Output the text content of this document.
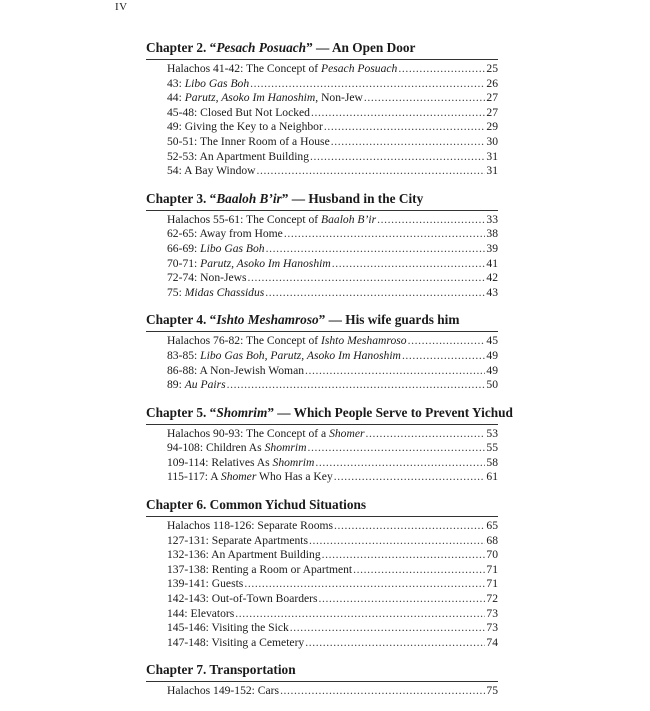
IV
Chapter 2. “Pesach Posuach” — An Open Door
Halachos 41-42: The Concept of Pesach Posuach .....	25
43: Libo Gas Boh .....	26
44: Parutz, Asoko Im Hanoshim, Non-Jew .....	27
45-48: Closed But Not Locked .....	27
49: Giving the Key to a Neighbor .....	29
50-51: The Inner Room of a House .....	30
52-53: An Apartment Building .....	31
54: A Bay Window .....	31
Chapter 3. “Baaloh B’ir” — Husband in the City
Halachos 55-61: The Concept of Baaloh B’ir .....	33
62-65: Away from Home .....	38
66-69: Libo Gas Boh .....	39
70-71: Parutz, Asoko Im Hanoshim .....	41
72-74: Non-Jews .....	42
75: Midas Chassidus .....	43
Chapter 4. “Ishto Meshamroso” — His wife guards him
Halachos 76-82: The Concept of Ishto Meshamroso .....	45
83-85: Libo Gas Boh, Parutz, Asoko Im Hanoshim .....	49
86-88: A Non-Jewish Woman .....	49
89: Au Pairs .....	50
Chapter 5. “Shomrim” — Which People Serve to Prevent Yichud
Halachos 90-93: The Concept of a Shomer .....	53
94-108: Children As Shomrim .....	55
109-114: Relatives As Shomrim .....	58
115-117: A Shomer Who Has a Key .....	61
Chapter 6. Common Yichud Situations
Halachos 118-126: Separate Rooms .....	65
127-131: Separate Apartments .....	68
132-136: An Apartment Building .....	70
137-138: Renting a Room or Apartment .....	71
139-141: Guests .....	71
142-143: Out-of-Town Boarders .....	72
144: Elevators .....	73
145-146: Visiting the Sick .....	73
147-148: Visiting a Cemetery .....	74
Chapter 7. Transportation
Halachos 149-152: Cars .....	75
